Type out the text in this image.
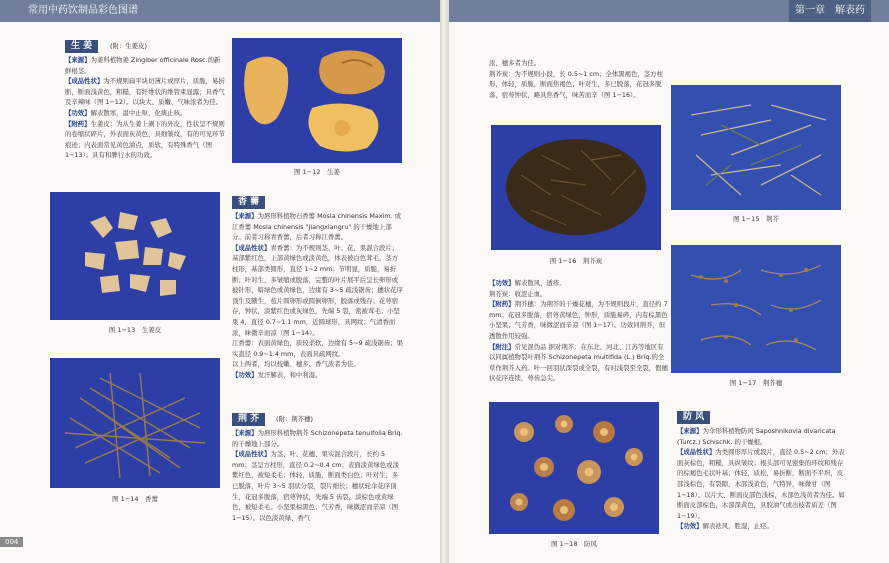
常用中药饮制品彩色图谱
生 姜	(附：生姜皮)

【来源】为姜科植物姜 Zingiber officinale Rosc.的新鲜根茎。

【成品性状】为不规则扁平块切薄片或厚片，质脆，易折断，断面浅黄色，粗糙，有纤维状的维管束显露；具香气及辛辣味（图 1−12）。以块大、质嫩、气味浓者为佳。

【功效】解表散寒，温中止呕，化痰止咳。

【附药】生姜皮：为从生姜上剥下的外皮，性状呈不规则的卷缩状碎片，外表面灰黄色，具细皱纹，有的可见环节痕迹；内表面常见黄色油点，质软，有特殊香气（图 1−13）。具有和脾行水的功效。

图 1−12　生姜
图 1−13　生姜皮
图 1−14　香薷
香 薷

【来源】为唇形科植物石香薷 Mosla chinensis Maxim. 或江香薷 Mosla chinensis "Jiangxiangru" 的干燥地上部分。前者习称青香薷，后者习称江香薷。

【成品性状】青香薷：为不规则茎、叶、花、果混合段片；基部紫红色，上部黄绿色或淡黄色，体表被白色茸毛，茎方柱形，基部类圆形，直径 1~2 mm；节明显，质脆，易折断；叶对生，多皱缩或脱落，完整的叶片展平后呈长卵形或披针形，暗绿色或黄绿色，边缘有 3~5 疏浅锯齿；穗状花序顶生及腋生，苞片圆卵形或圆倒卵形，脱落或残存；花萼宿存，钟状，淡紫红色或灰绿色，先端 5 裂，密被茸毛；小坚果 4，直径 0.7~1.1 mm，近圆球形，具网纹；气清香而浓，味微辛而凉（图 1−14）。

江香薷：表面黄绿色，质较柔软，边缘有 5~9 疏浅锯齿；果实直径 0.9~1.4 mm，表面具疏网纹。

以上两者，均以枝嫩、穗多、香气浓者为佳。

【功效】发汗解表，和中利湿。

荆 芥	(附：荆芥穗)

【来源】为唇形科植物荆芥 Schizonepeta tenuifolia Briq.的干燥地上部分。

【成品性状】为茎、叶、花穗、果实混合段片，长约 5 mm；茎呈方柱形，直径 0.2~0.4 cm；表面淡黄绿色或淡紫红色，被短柔毛；体轻，质脆，断面类白色；叶对生，多已脱落，叶片 3~5 羽状分裂，裂片细长；穗状轮伞花序顶生，花冠多脱落，宿萼钟状，先端 5 齿裂，淡棕色或黄绿色，被短柔毛；小坚果棕黑色；气芳香，味微涩而辛凉（图 1−15）。以色淡黄绿、香气

004
第一章　解表药

浓、穗多者为佳。

荆芥炭：为不规则小段，长 0.5~1 cm；全体黑褐色，茎方柱形，体轻，质脆，断面焦褐色；叶对生，多已脱落，花冠多脱落，宿萼钟状，略具焦香气，味苦而辛（图 1−16）。

图 1−16　荆芥炭

【功效】解表散风，透疹。

荆芥炭：收涩止血。

【附药】荆芥穗：为荆芥的干燥花穗，为不规则段片，直径约 7 mm；花冠多脱落，宿萼黄绿色，钟形，质脆易碎，内有棕黑色小坚果；气芳香，味微涩而辛凉（图 1−17）。功效同荆芥，但透散作用较强。

【附注】常见混伪品 据对荆芥：在东北、河北、江苏等地区有以同属植物裂叶荆芥 Schizonepeta multifida (L.) Briq.的全草作荆芥入药。叶一回羽状深裂或全裂，有时浅裂至全裂，假穗状花序连续，萼齿急尖。

图 1−18　防风
图 1−15　荆芥
图 1−17　荆芥穗
防 风

【来源】为伞形科植物防风 Saposhnikovia divaricata (Turcz.) Schischk. 的干燥根。

【成品性状】为类圆形厚片或段片，直径 0.5~2 cm；外表面灰棕色，粗糙，具纵皱纹；根头部可见密集的环纹和残存的棕褐色毛状叶基；体轻，质松，易折断，断面不平坦，皮部浅棕色，有裂隙，木部浅黄色，气特异，味微甘（图 1−18）。以片大、断面皮部色浅棕，木部色浅黄者为佳。如断面皮部棕色，木部深黄色，具胶油气或出枝者质差（图 1−19）。

【功效】解表祛风，胜湿，止痉。
